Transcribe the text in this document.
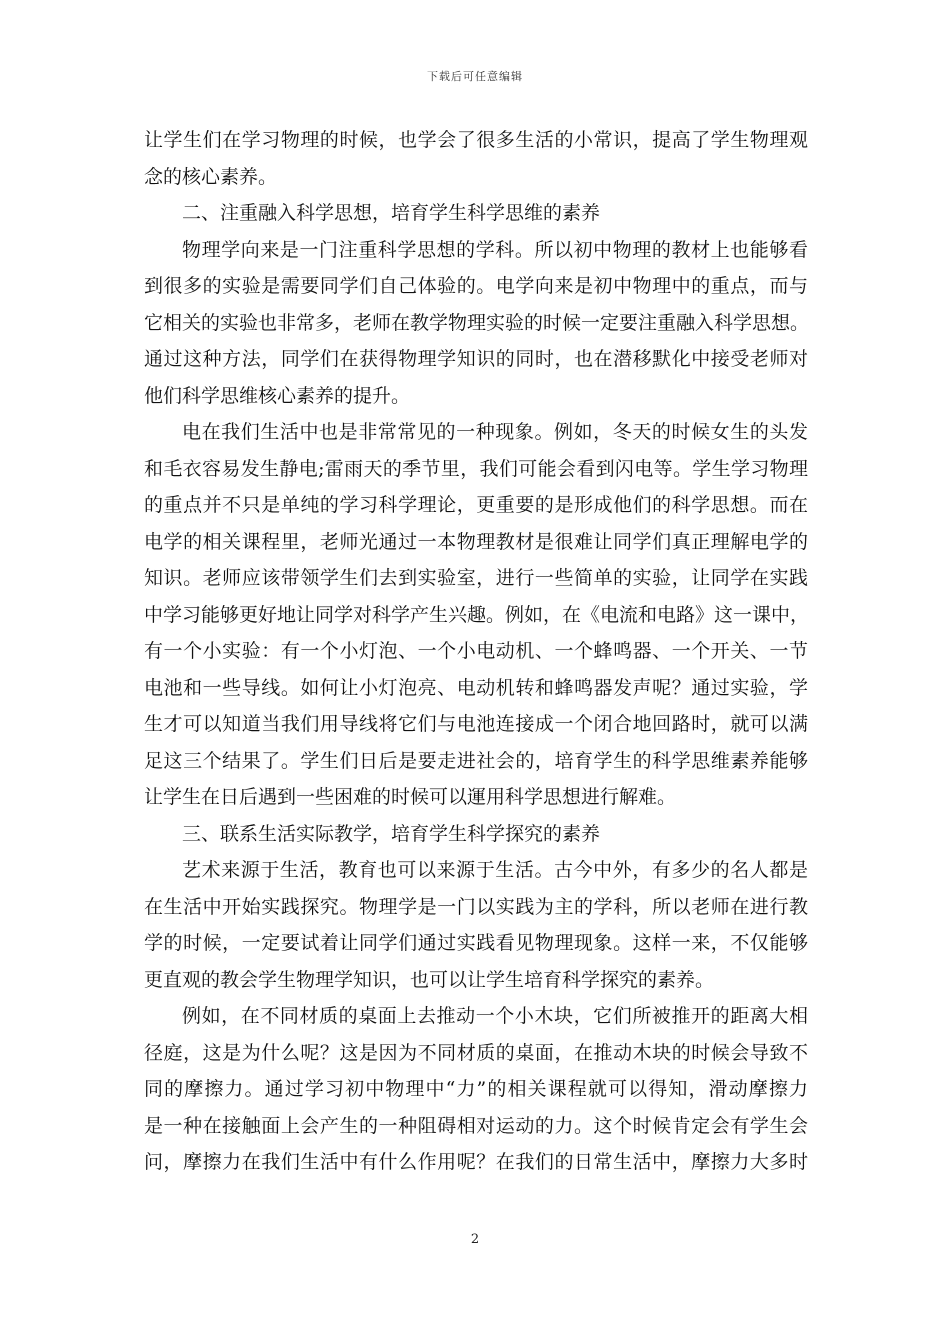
下载后可任意编辑
让学生们在学习物理的时候，也学会了很多生活的小常识，提高了学生物理观
念的核心素养。
二、注重融入科学思想，培育学生科学思维的素养
物理学向来是一门注重科学思想的学科。所以初中物理的教材上也能够看
到很多的实验是需要同学们自己体验的。电学向来是初中物理中的重点，而与
它相关的实验也非常多，老师在教学物理实验的时候一定要注重融入科学思想。
通过这种方法，同学们在获得物理学知识的同时，也在潜移默化中接受老师对
他们科学思维核心素养的提升。
电在我们生活中也是非常常见的一种现象。例如，冬天的时候女生的头发
和毛衣容易发生静电;雷雨天的季节里，我们可能会看到闪电等。学生学习物理
的重点并不只是单纯的学习科学理论，更重要的是形成他们的科学思想。而在
电学的相关课程里，老师光通过一本物理教材是很难让同学们真正理解电学的
知识。老师应该带领学生们去到实验室，进行一些简单的实验，让同学在实践
中学习能够更好地让同学对科学产生兴趣。例如，在《电流和电路》这一课中，
有一个小实验：有一个小灯泡、一个小电动机、一个蜂鸣器、一个开关、一节
电池和一些导线。如何让小灯泡亮、电动机转和蜂鸣器发声呢？通过实验，学
生才可以知道当我们用导线将它们与电池连接成一个闭合地回路时，就可以满
足这三个结果了。学生们日后是要走进社会的，培育学生的科学思维素养能够
让学生在日后遇到一些困难的时候可以運用科学思想进行解难。
三、联系生活实际教学，培育学生科学探究的素养
艺术来源于生活，教育也可以来源于生活。古今中外，有多少的名人都是
在生活中开始实践探究。物理学是一门以实践为主的学科，所以老师在进行教
学的时候，一定要试着让同学们通过实践看见物理现象。这样一来，不仅能够
更直观的教会学生物理学知识，也可以让学生培育科学探究的素养。
例如，在不同材质的桌面上去推动一个小木块，它们所被推开的距离大相
径庭，这是为什么呢？这是因为不同材质的桌面，在推动木块的时候会导致不
同的摩擦力。通过学习初中物理中“力”的相关课程就可以得知，滑动摩擦力
是一种在接触面上会产生的一种阻碍相对运动的力。这个时候肯定会有学生会
问，摩擦力在我们生活中有什么作用呢？在我们的日常生活中，摩擦力大多时
2
